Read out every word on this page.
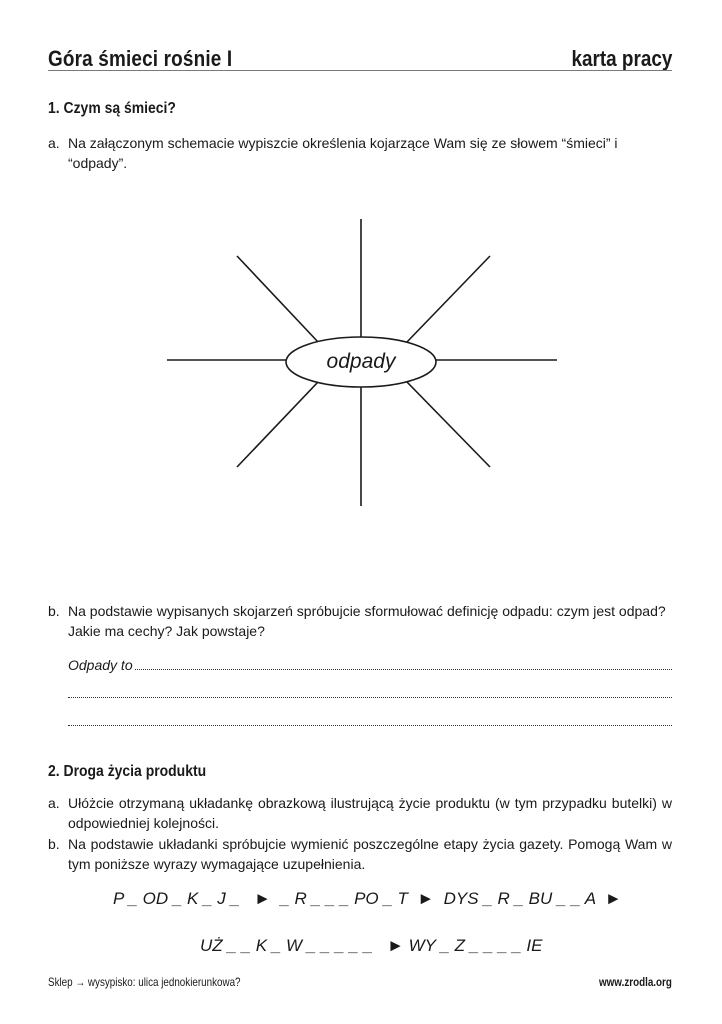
Góra śmieci rośnie I	karta pracy
1. Czym są śmieci?
a. Na załączonym schemacie wypiszcie określenia kojarzące Wam się ze słowem “śmieci” i “odpady”.
odpady
b. Na podstawie wypisanych skojarzeń spróbujcie sformułować definicję odpadu: czym jest odpad? Jakie ma cechy? Jak powstaje?
Odpady to
2. Droga życia produktu
a. Ułóżcie otrzymaną układankę obrazkową ilustrującą życie produktu (w tym przypadku butelki) w odpowiedniej kolejności.
b. Na podstawie układanki spróbujcie wymienić poszczególne etapy życia gazety. Pomogą Wam w tym poniższe wyrazy wymagające uzupełnienia.
P _ OD _ K _ J _   ►  _ R _ _ _ PO _ T  ►  DYS _ R _ BU _ _ A  ►
UŻ _ _ K _ W _ _ _ _ _   ► WY _ Z _ _ _ _ IE
Sklep → wysypisko: ulica jednokierunkowa?	www.zrodla.org
